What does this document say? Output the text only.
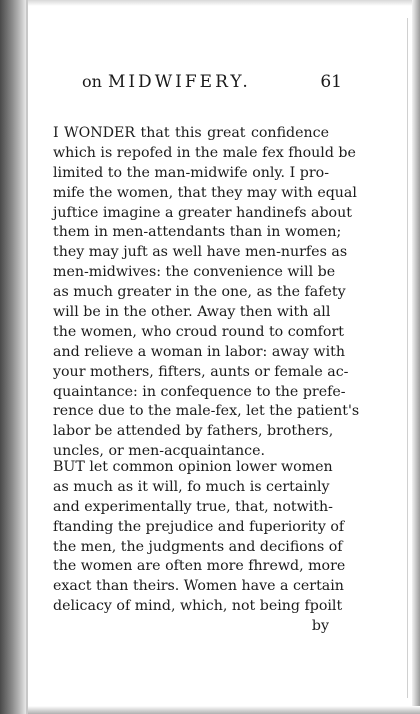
on MIDWIFERY.	61
I WONDER that this great confidence
which is repofed in the male fex fhould be
limited to the man-midwife only. I pro-
mife the women, that they may with equal
juftice imagine a greater handinefs about
them in men-attendants than in women;
they may juft as well have men-nurfes as
men-midwives: the convenience will be
as much greater in the one, as the fafety
will be in the other. Away then with all
the women, who croud round to comfort
and relieve a woman in labor: away with
your mothers, fifters, aunts or female ac-
quaintance: in confequence to the prefe-
rence due to the male-fex, let the patient's
labor be attended by fathers, brothers,
uncles, or men-acquaintance.
BUT let common opinion lower women
as much as it will, fo much is certainly
and experimentally true, that, notwith-
ftanding the prejudice and fuperiority of
the men, the judgments and decifions of
the women are often more fhrewd, more
exact than theirs. Women have a certain
delicacy of mind, which, not being fpoilt
by
